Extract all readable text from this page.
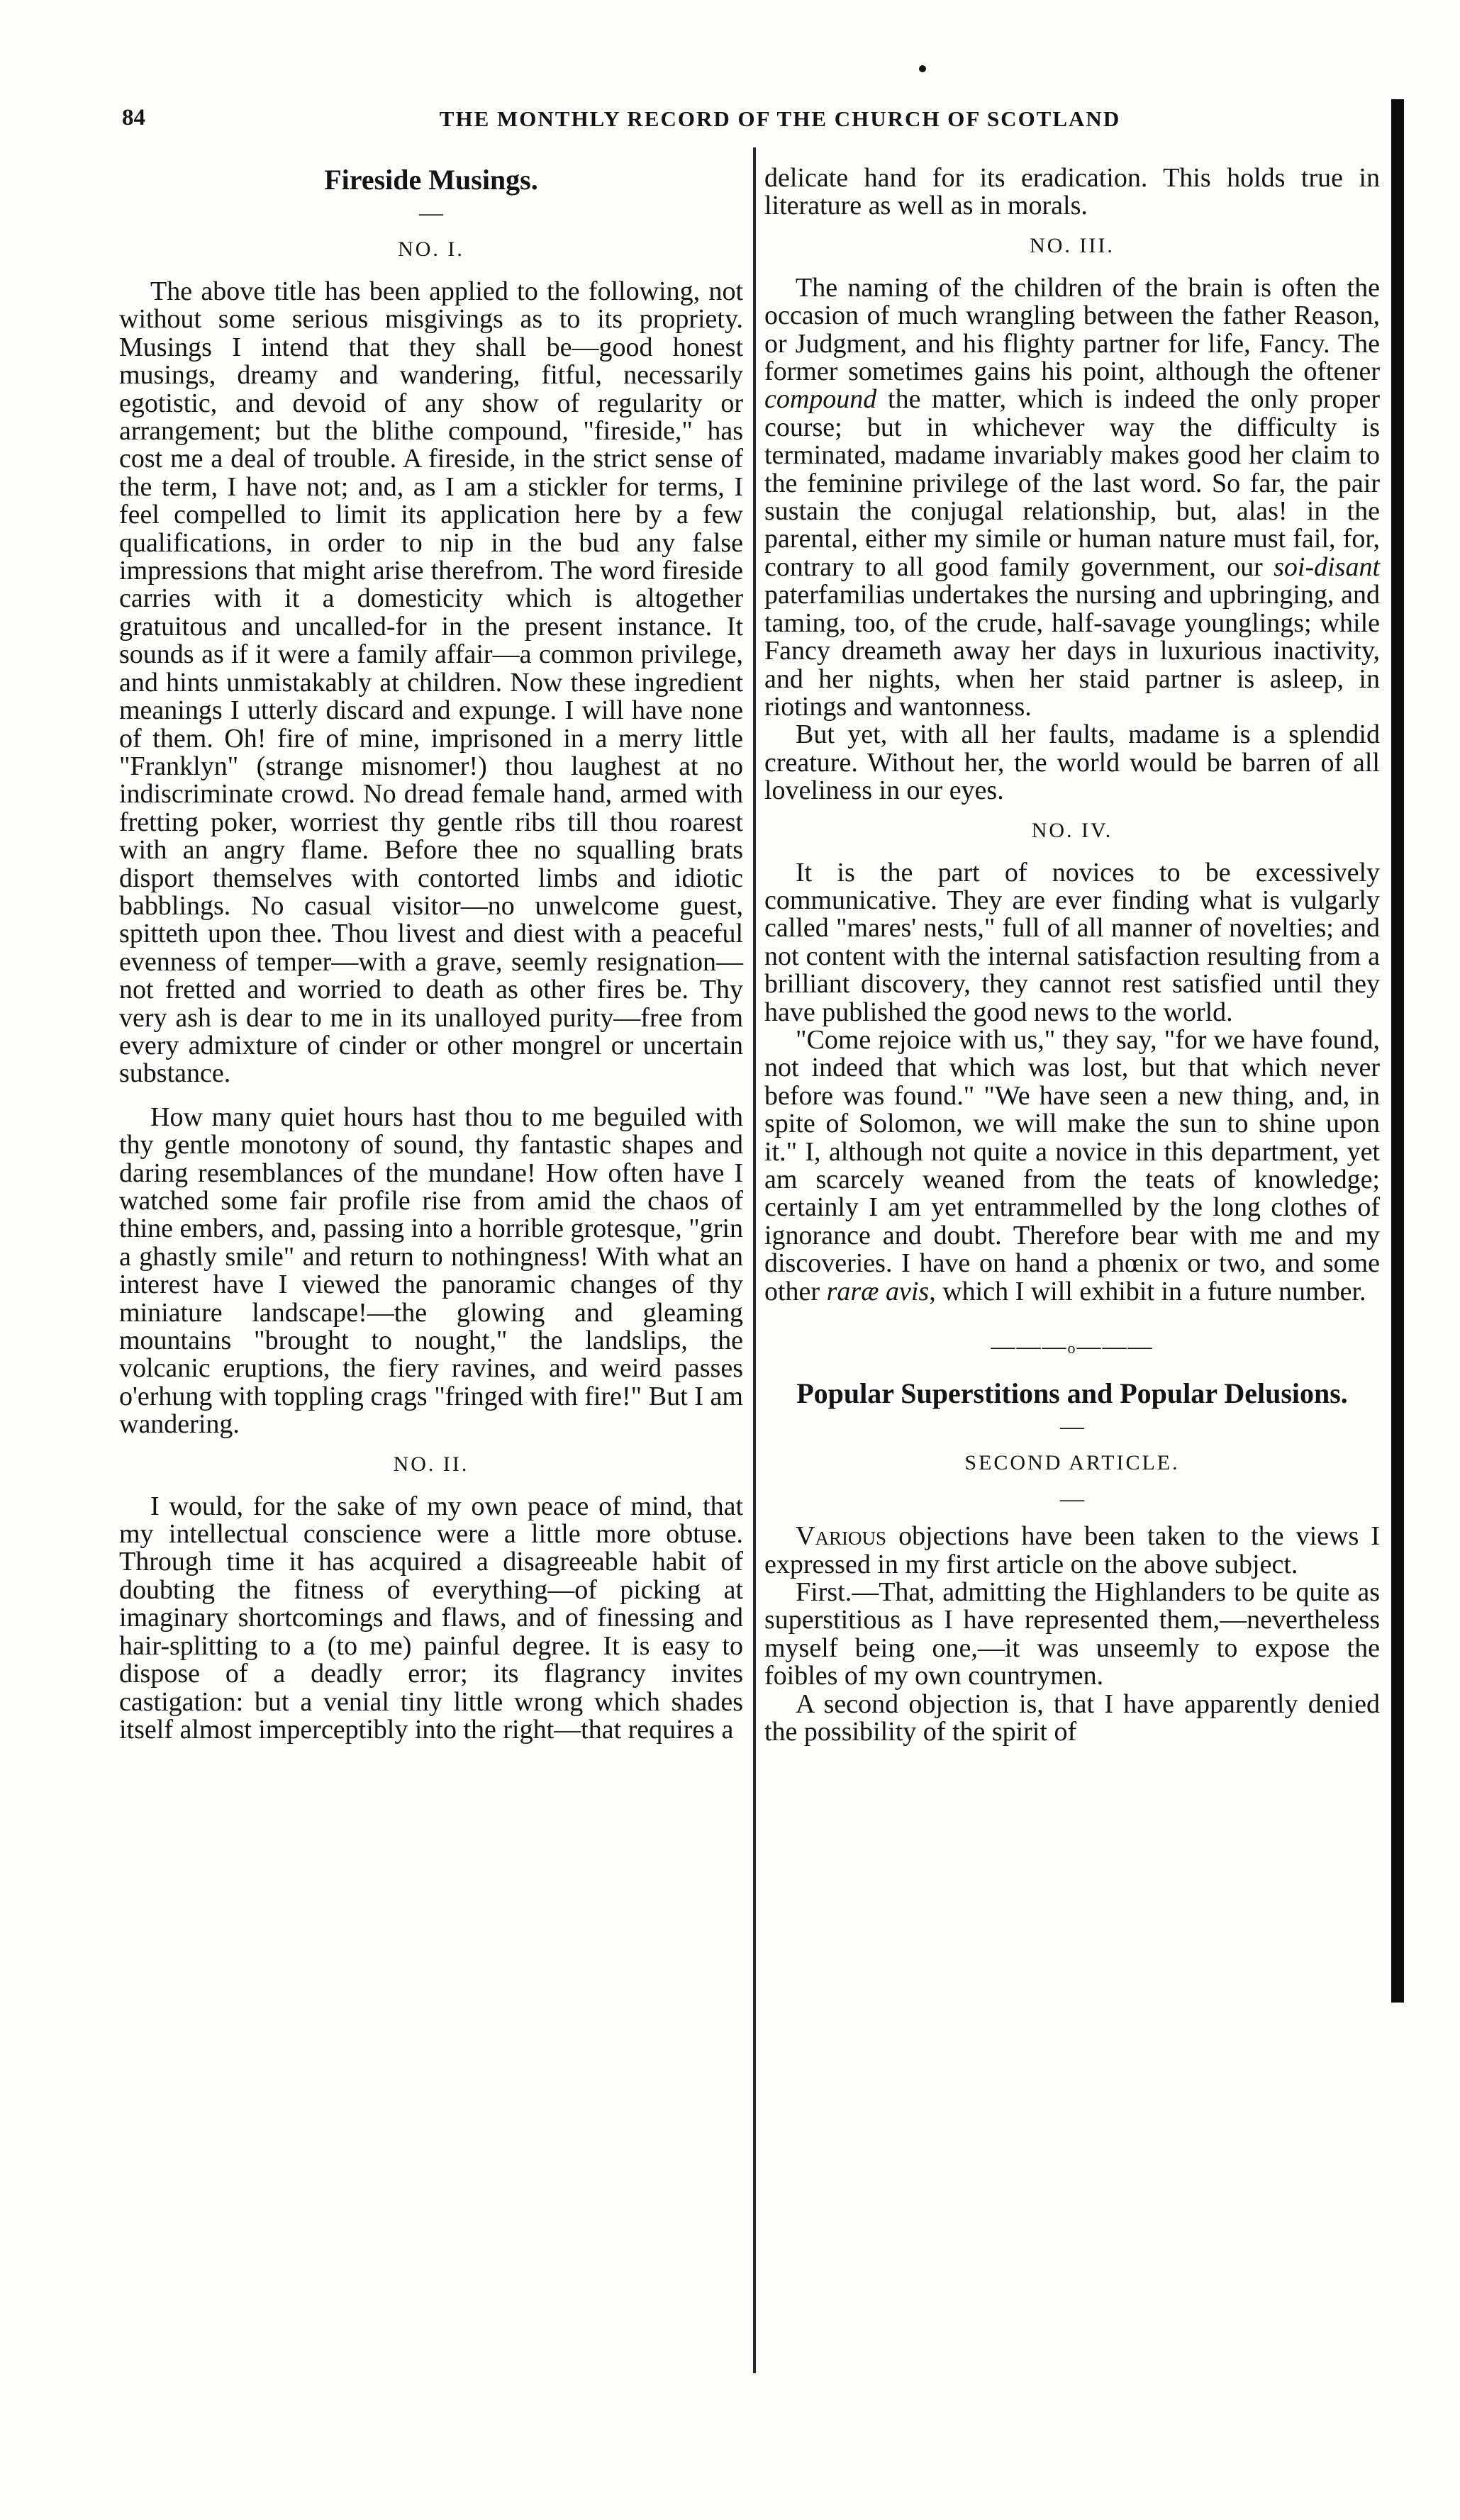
84	THE MONTHLY RECORD OF THE CHURCH OF SCOTLAND
Fireside Musings.
—
NO. I.

The above title has been applied to the following, not without some serious misgivings as to its propriety. Musings I intend that they shall be—good honest musings, dreamy and wandering, fitful, necessarily egotistic, and devoid of any show of regularity or arrangement; but the blithe compound, "fireside," has cost me a deal of trouble. A fireside, in the strict sense of the term, I have not; and, as I am a stickler for terms, I feel compelled to limit its application here by a few qualifications, in order to nip in the bud any false impressions that might arise therefrom. The word fireside carries with it a domesticity which is altogether gratuitous and uncalled-for in the present instance. It sounds as if it were a family affair—a common privilege, and hints unmistakably at children. Now these ingredient meanings I utterly discard and expunge. I will have none of them. Oh! fire of mine, imprisoned in a merry little "Franklyn" (strange misnomer!) thou laughest at no indiscriminate crowd. No dread female hand, armed with fretting poker, worriest thy gentle ribs till thou roarest with an angry flame. Before thee no squalling brats disport themselves with contorted limbs and idiotic babblings. No casual visitor—no unwelcome guest, spitteth upon thee. Thou livest and diest with a peaceful evenness of temper—with a grave, seemly resignation—not fretted and worried to death as other fires be. Thy very ash is dear to me in its unalloyed purity—free from every admixture of cinder or other mongrel or uncertain substance.

How many quiet hours hast thou to me beguiled with thy gentle monotony of sound, thy fantastic shapes and daring resemblances of the mundane! How often have I watched some fair profile rise from amid the chaos of thine embers, and, passing into a horrible grotesque, "grin a ghastly smile" and return to nothingness! With what an interest have I viewed the panoramic changes of thy miniature landscape!—the glowing and gleaming mountains "brought to nought," the landslips, the volcanic eruptions, the fiery ravines, and weird passes o'erhung with toppling crags "fringed with fire!" But I am wandering.

NO. II.

I would, for the sake of my own peace of mind, that my intellectual conscience were a little more obtuse. Through time it has acquired a disagreeable habit of doubting the fitness of everything—of picking at imaginary shortcomings and flaws, and of finessing and hair-splitting to a (to me) painful degree. It is easy to dispose of a deadly error; its flagrancy invites castigation: but a venial tiny little wrong which shades itself almost imperceptibly into the right—that requires a

delicate hand for its eradication. This holds true in literature as well as in morals.

NO. III.

The naming of the children of the brain is often the occasion of much wrangling between the father Reason, or Judgment, and his flighty partner for life, Fancy. The former sometimes gains his point, although the oftener compound the matter, which is indeed the only proper course; but in whichever way the difficulty is terminated, madame invariably makes good her claim to the feminine privilege of the last word. So far, the pair sustain the conjugal relationship, but, alas! in the parental, either my simile or human nature must fail, for, contrary to all good family government, our soi-disant paterfamilias undertakes the nursing and upbringing, and taming, too, of the crude, half-savage younglings; while Fancy dreameth away her days in luxurious inactivity, and her nights, when her staid partner is asleep, in riotings and wantonness.

But yet, with all her faults, madame is a splendid creature. Without her, the world would be barren of all loveliness in our eyes.

NO. IV.

It is the part of novices to be excessively communicative. They are ever finding what is vulgarly called "mares' nests," full of all manner of novelties; and not content with the internal satisfaction resulting from a brilliant discovery, they cannot rest satisfied until they have published the good news to the world.

"Come rejoice with us," they say, "for we have found, not indeed that which was lost, but that which never before was found." "We have seen a new thing, and, in spite of Solomon, we will make the sun to shine upon it." I, although not quite a novice in this department, yet am scarcely weaned from the teats of knowledge; certainly I am yet entrammelled by the long clothes of ignorance and doubt. Therefore bear with me and my discoveries. I have on hand a phœnix or two, and some other raræ avis, which I will exhibit in a future number.

———o———
Popular Superstitions and Popular Delusions.
—
SECOND ARTICLE.
—

Various objections have been taken to the views I expressed in my first article on the above subject.

First.—That, admitting the Highlanders to be quite as superstitious as I have represented them,—nevertheless myself being one,—it was unseemly to expose the foibles of my own countrymen.

A second objection is, that I have apparently denied the possibility of the spirit of
